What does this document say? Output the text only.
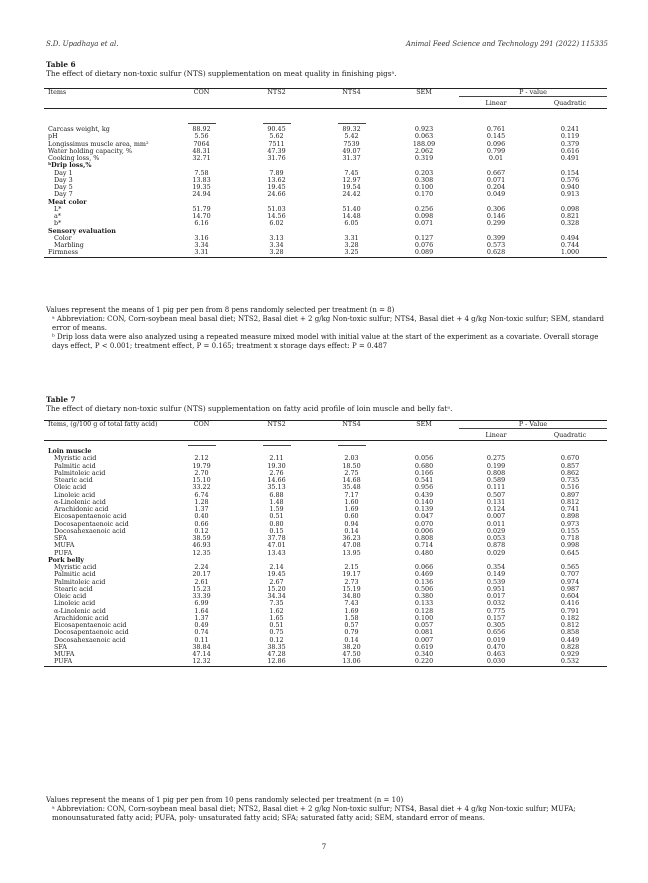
S.D. Upadhaya et al.	Animal Feed Science and Technology 291 (2022) 115335
Table 6
The effect of dietary non-toxic sulfur (NTS) supplementation on meat quality in finishing pigsᵃ.
Items	CON	NTS2	NTS4	SEM	P - value	
					Linear	Quadratic

Carcass weight, kg	88.92	90.45	89.32	0.923	0.761	0.241
pH	5.56	5.62	5.42	0.063	0.145	0.119
Longissimus muscle area, mm²	7064	7511	7539	188.09	0.096	0.379
Water holding capacity, %	48.31	47.39	49.07	2.062	0.799	0.616
Cooking loss, %	32.71	31.76	31.37	0.319	0.01	0.491
ᵇDrip loss,%						
Day 1	7.58	7.89	7.45	0.203	0.667	0.154
Day 3	13.83	13.62	12.97	0.308	0.071	0.576
Day 5	19.35	19.45	19.54	0.100	0.204	0.940
Day 7	24.94	24.66	24.42	0.170	0.049	0.913
Meat color						
L*	51.79	51.03	51.40	0.256	0.306	0.098
a*	14.70	14.56	14.48	0.098	0.146	0.821
b*	6.16	6.02	6.05	0.071	0.299	0.328
Sensory evaluation						
Color	3.16	3.13	3.31	0.127	0.399	0.494
Marbling	3.34	3.34	3.28	0.076	0.573	0.744
Firmness	3.31	3.28	3.25	0.089	0.628	1.000

Values represent the means of 1 pig per pen from 8 pens randomly selected per treatment (n = 8)

ᵃ Abbreviation: CON, Corn-soybean meal basal diet; NTS2, Basal diet + 2 g/kg Non-toxic sulfur; NTS4, Basal diet + 4 g/kg Non-toxic sulfur; SEM, standard error of means.

ᵇ Drip loss data were also analyzed using a repeated measure mixed model with initial value at the start of the experiment as a covariate. Overall storage days effect, P < 0.001; treatment effect, P = 0.165; treatment x storage days effect: P = 0.487

Table 7
The effect of dietary non-toxic sulfur (NTS) supplementation on fatty acid profile of loin muscle and belly fatᵃ.
Items, (g/100 g of total fatty acid)	CON	NTS2	NTS4	SEM	P - Value	
					Linear	Quadratic

Loin muscle						
Myristic acid	2.12	2.11	2.03	0.056	0.275	0.670
Palmitic acid	19.79	19.30	18.50	0.680	0.199	0.857
Palmitoleic acid	2.70	2.76	2.75	0.166	0.808	0.862
Stearic acid	15.10	14.66	14.68	0.541	0.589	0.735
Oleic acid	33.22	35.13	35.48	0.956	0.111	0.516
Linoleic acid	6.74	6.88	7.17	0.439	0.507	0.897
α-Linolenic acid	1.28	1.48	1.60	0.140	0.131	0.812
Arachidonic acid	1.37	1.59	1.69	0.139	0.124	0.741
Eicosapentaenoic acid	0.40	0.51	0.60	0.047	0.007	0.898
Docosapentaenoic acid	0.66	0.80	0.94	0.070	0.011	0.973
Docosahexaenoic acid	0.12	0.15	0.14	0.006	0.029	0.155
SFA	38.59	37.78	36.23	0.808	0.053	0.718
MUFA	46.93	47.01	47.08	0.714	0.878	0.998
PUFA	12.35	13.43	13.95	0.480	0.029	0.645
Pork belly						
Myristic acid	2.24	2.14	2.15	0.066	0.354	0.565
Palmitic acid	20.17	19.45	19.17	0.469	0.149	0.707
Palmitoleic acid	2.61	2.67	2.73	0.136	0.539	0.974
Stearic acid	15.23	15.20	15.19	0.506	0.951	0.987
Oleic acid	33.39	34.34	34.80	0.380	0.017	0.604
Linoleic acid	6.99	7.35	7.43	0.133	0.032	0.416
α-Linolenic acid	1.64	1.62	1.69	0.128	0.775	0.791
Arachidonic acid	1.37	1.65	1.58	0.100	0.157	0.182
Eicosapentaenoic acid	0.49	0.51	0.57	0.057	0.305	0.812
Docosapentaenoic acid	0.74	0.75	0.79	0.081	0.656	0.858
Docosahexaenoic acid	0.11	0.12	0.14	0.007	0.019	0.449
SFA	38.84	38.35	38.20	0.619	0.470	0.828
MUFA	47.14	47.28	47.50	0.340	0.463	0.929
PUFA	12.32	12.86	13.06	0.220	0.030	0.532

Values represent the means of 1 pig per pen from 10 pens randomly selected per treatment (n = 10)

ᵃ Abbreviation: CON, Corn-soybean meal basal diet; NTS2, Basal diet + 2 g/kg Non-toxic sulfur; NTS4, Basal diet + 4 g/kg Non-toxic sulfur; MUFA; monounsaturated fatty acid; PUFA, poly- unsaturated fatty acid; SFA; saturated fatty acid; SEM, standard error of means.

7
